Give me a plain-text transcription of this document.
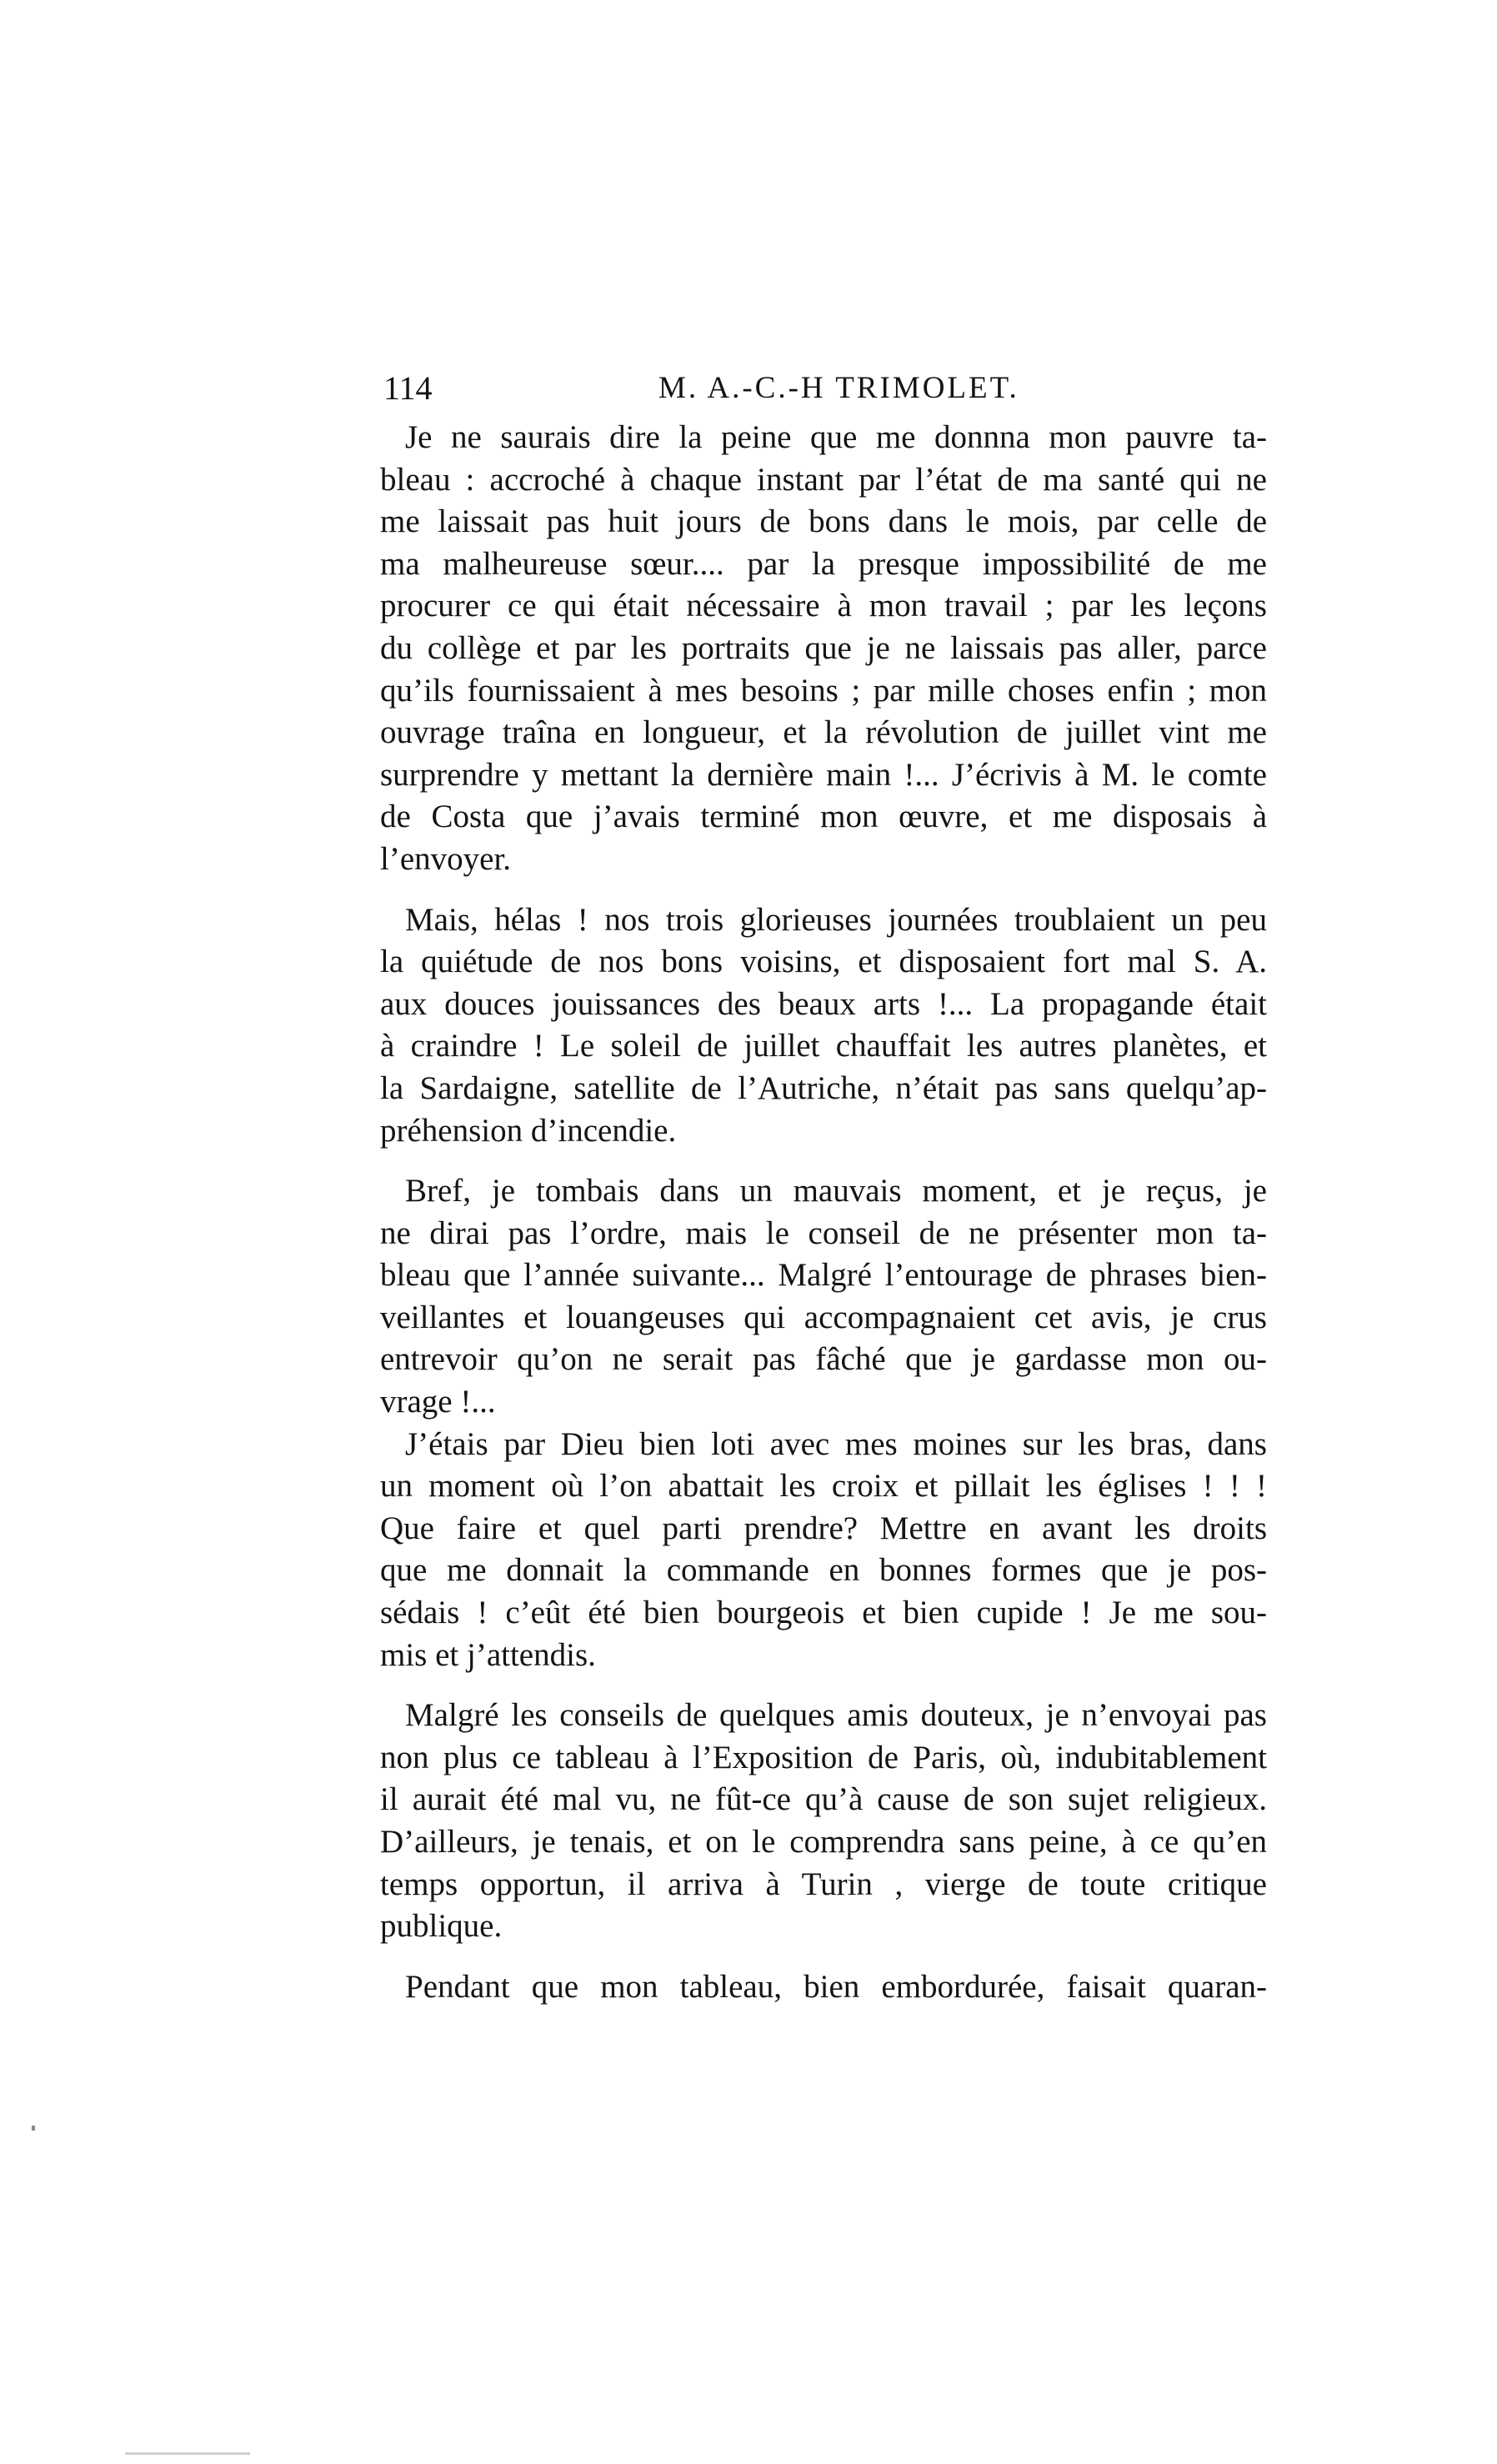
114	M. A.-C.-H TRIMOLET.

Je ne saurais dire la peine que me donnna mon pauvre ta-
bleau : accroché à chaque instant par l’état de ma santé qui ne
me laissait pas huit jours de bons dans le mois, par celle de
ma malheureuse sœur.... par la presque impossibilité de me
procurer ce qui était nécessaire à mon travail ; par les leçons
du collège et par les portraits que je ne laissais pas aller, parce
qu’ils fournissaient à mes besoins ; par mille choses enfin ; mon
ouvrage traîna en longueur, et la révolution de juillet vint me
surprendre y mettant la dernière main !... J’écrivis à M. le comte
de Costa que j’avais terminé mon œuvre, et me disposais à
l’envoyer.

Mais, hélas ! nos trois glorieuses journées troublaient un peu
la quiétude de nos bons voisins, et disposaient fort mal S. A.
aux douces jouissances des beaux arts !... La propagande était
à craindre ! Le soleil de juillet chauffait les autres planètes, et
la Sardaigne, satellite de l’Autriche, n’était pas sans quelqu’ap-
préhension d’incendie.

Bref, je tombais dans un mauvais moment, et je reçus, je
ne dirai pas l’ordre, mais le conseil de ne présenter mon ta-
bleau que l’année suivante... Malgré l’entourage de phrases bien-
veillantes et louangeuses qui accompagnaient cet avis, je crus
entrevoir qu’on ne serait pas fâché que je gardasse mon ou-
vrage !...

J’étais par Dieu bien loti avec mes moines sur les bras, dans
un moment où l’on abattait les croix et pillait les églises ! ! !
Que faire et quel parti prendre? Mettre en avant les droits
que me donnait la commande en bonnes formes que je pos-
sédais ! c’eût été bien bourgeois et bien cupide ! Je me sou-
mis et j’attendis.

Malgré les conseils de quelques amis douteux, je n’envoyai pas
non plus ce tableau à l’Exposition de Paris, où, indubitablement
il aurait été mal vu, ne fût-ce qu’à cause de son sujet religieux.
D’ailleurs, je tenais, et on le comprendra sans peine, à ce qu’en
temps opportun, il arriva à Turin , vierge de toute critique
publique.

Pendant que mon tableau, bien embordurée, faisait quaran-
